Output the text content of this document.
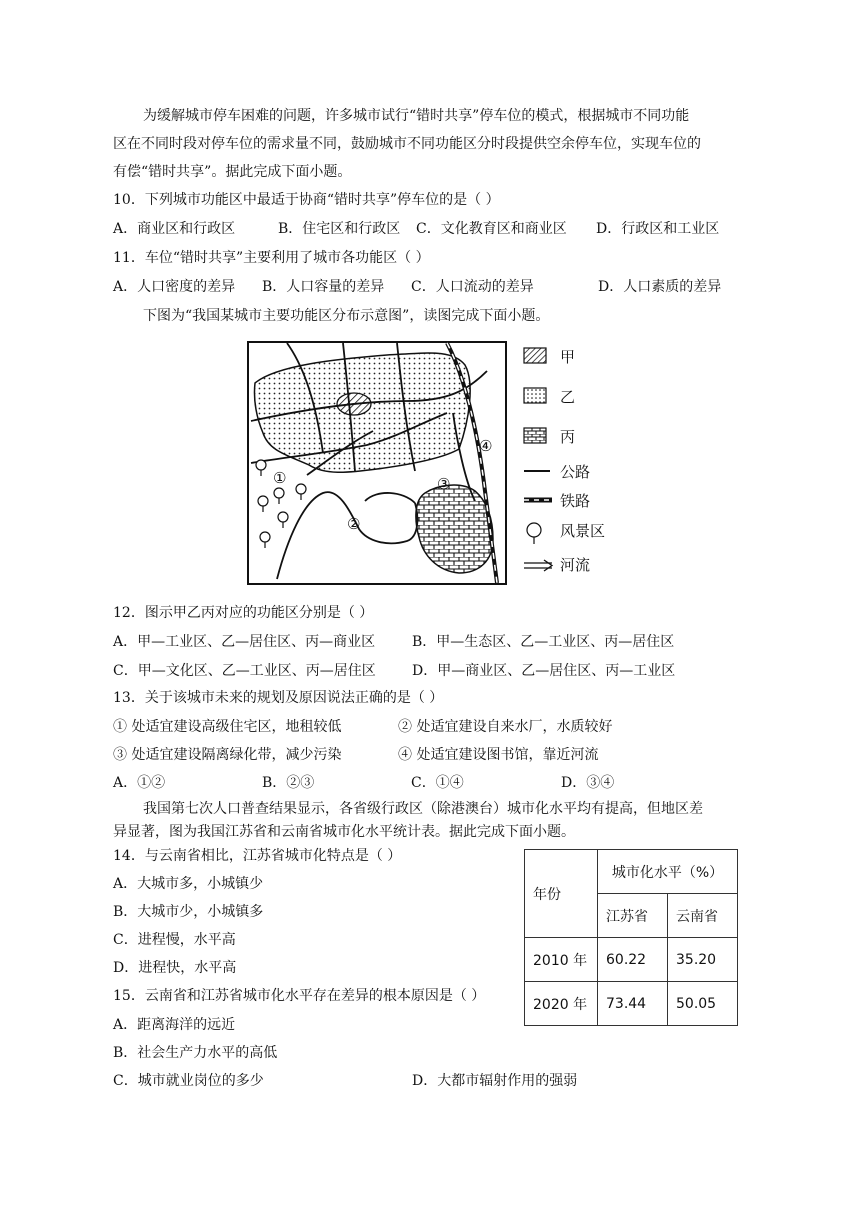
为缓解城市停车困难的问题，许多城市试行“错时共享”停车位的模式，根据城市不同功能
区在不同时段对停车位的需求量不同，鼓励城市不同功能区分时段提供空余停车位，实现车位的
有偿“错时共享”。据此完成下面小题。
10．下列城市功能区中最适于协商“错时共享”停车位的是（ ）
A．商业区和行政区	B．住宅区和行政区 C．文化教育区和商业区 D．行政区和工业区
11．车位“错时共享”主要利用了城市各功能区（ ）
A．人口密度的差异 B．人口容量的差异 C．人口流动的差异	D．人口素质的差异
下图为“我国某城市主要功能区分布示意图”，读图完成下面小题。
①
②
③
④
甲
乙
丙
公路
铁路
风景区
河流
12．图示甲乙丙对应的功能区分别是（ ）
A．甲—工业区、乙—居住区、丙—商业区	B．甲—生态区、乙—工业区、丙—居住区
C．甲—文化区、乙—工业区、丙—居住区	D．甲—商业区、乙—居住区、丙—工业区
13．关于该城市未来的规划及原因说法正确的是（ ）
① 处适宜建设高级住宅区，地租较低	② 处适宜建设自来水厂，水质较好
③ 处适宜建设隔离绿化带，减少污染	④ 处适宜建设图书馆，靠近河流
A．①②	B．②③	C．①④	D．③④
我国第七次人口普查结果显示，各省级行政区（除港澳台）城市化水平均有提高，但地区差
异显著，图为我国江苏省和云南省城市化水平统计表。据此完成下面小题。
14．与云南省相比，江苏省城市化特点是（ ）
A．大城市多，小城镇少
B．大城市少，小城镇多
C．进程慢，水平高
D．进程快，水平高
15．云南省和江苏省城市化水平存在差异的根本原因是（ ）
A．距离海洋的远近
B．社会生产力水平的高低
C．城市就业岗位的多少	D．大都市辐射作用的强弱
年份	城市化水平（%）	
	江苏省	云南省
2010 年	60.22	35.20
2020 年	73.44	50.05
